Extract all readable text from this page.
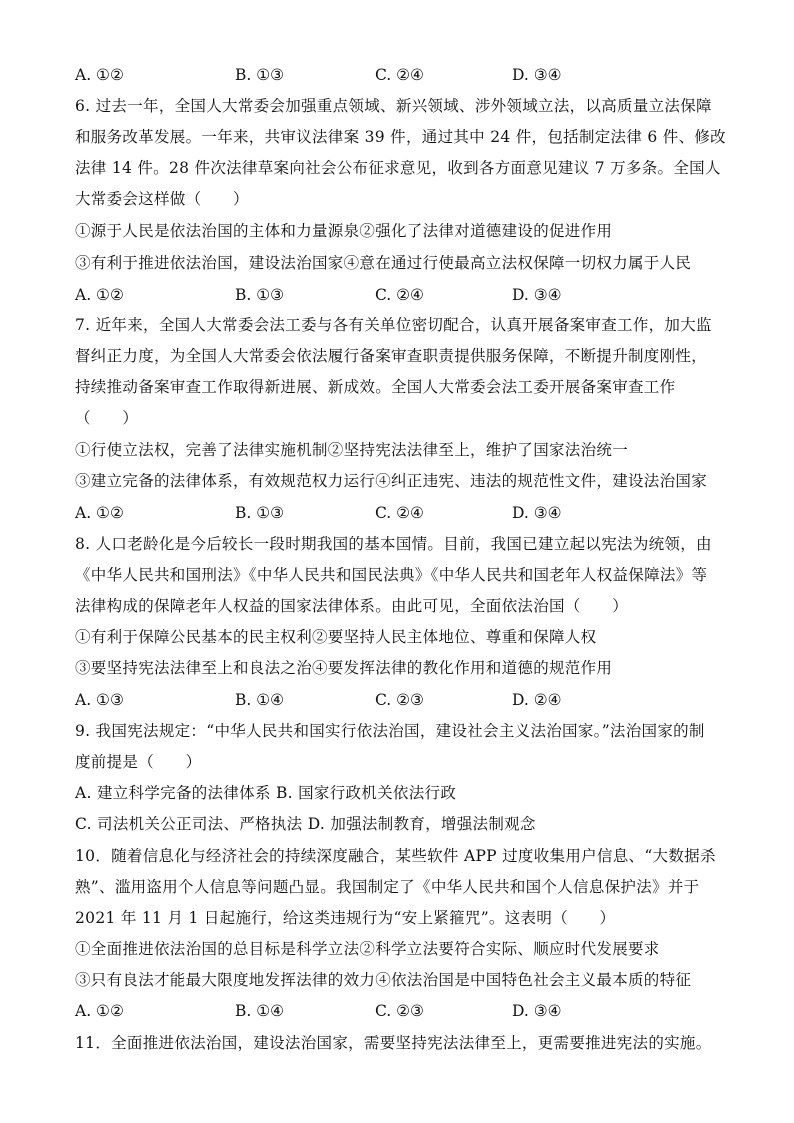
A. ①②	B. ①③	C. ②④	D. ③④
6. 过去一年，全国人大常委会加强重点领域、新兴领域、涉外领域立法，以高质量立法保障
和服务改革发展。一年来，共审议法律案 39 件，通过其中 24 件，包括制定法律 6 件、修改
法律 14 件。28 件次法律草案向社会公布征求意见，收到各方面意见建议 7 万多条。全国人
大常委会这样做（　　）
①源于人民是依法治国的主体和力量源泉②强化了法律对道德建设的促进作用
③有利于推进依法治国，建设法治国家④意在通过行使最高立法权保障一切权力属于人民
A. ①②	B. ①③	C. ②④	D. ③④
7. 近年来，全国人大常委会法工委与各有关单位密切配合，认真开展备案审查工作，加大监
督纠正力度，为全国人大常委会依法履行备案审查职责提供服务保障，不断提升制度刚性，
持续推动备案审查工作取得新进展、新成效。全国人大常委会法工委开展备案审查工作
（　　）
①行使立法权，完善了法律实施机制②坚持宪法法律至上，维护了国家法治统一
③建立完备的法律体系，有效规范权力运行④纠正违宪、违法的规范性文件，建设法治国家
A. ①②	B. ①③	C. ②④	D. ③④
8. 人口老龄化是今后较长一段时期我国的基本国情。目前，我国已建立起以宪法为统领，由
《中华人民共和国刑法》《中华人民共和国民法典》《中华人民共和国老年人权益保障法》等
法律构成的保障老年人权益的国家法律体系。由此可见，全面依法治国（　　）
①有利于保障公民基本的民主权利②要坚持人民主体地位、尊重和保障人权
③要坚持宪法法律至上和良法之治④要发挥法律的教化作用和道德的规范作用
A. ①③	B. ①④	C. ②③	D. ②④
9. 我国宪法规定：“中华人民共和国实行依法治国，建设社会主义法治国家。”法治国家的制
度前提是（　　）
A. 建立科学完备的法律体系 B. 国家行政机关依法行政
C. 司法机关公正司法、严格执法 D. 加强法制教育，增强法制观念
10．随着信息化与经济社会的持续深度融合，某些软件 APP 过度收集用户信息、“大数据杀
熟”、滥用盗用个人信息等问题凸显。我国制定了《中华人民共和国个人信息保护法》并于
2021 年 11 月 1 日起施行，给这类违规行为“安上紧箍咒”。这表明（　　）
①全面推进依法治国的总目标是科学立法②科学立法要符合实际、顺应时代发展要求
③只有良法才能最大限度地发挥法律的效力④依法治国是中国特色社会主义最本质的特征
A. ①②	B. ①④	C. ②③	D. ③④
11．全面推进依法治国，建设法治国家，需要坚持宪法法律至上，更需要推进宪法的实施。
